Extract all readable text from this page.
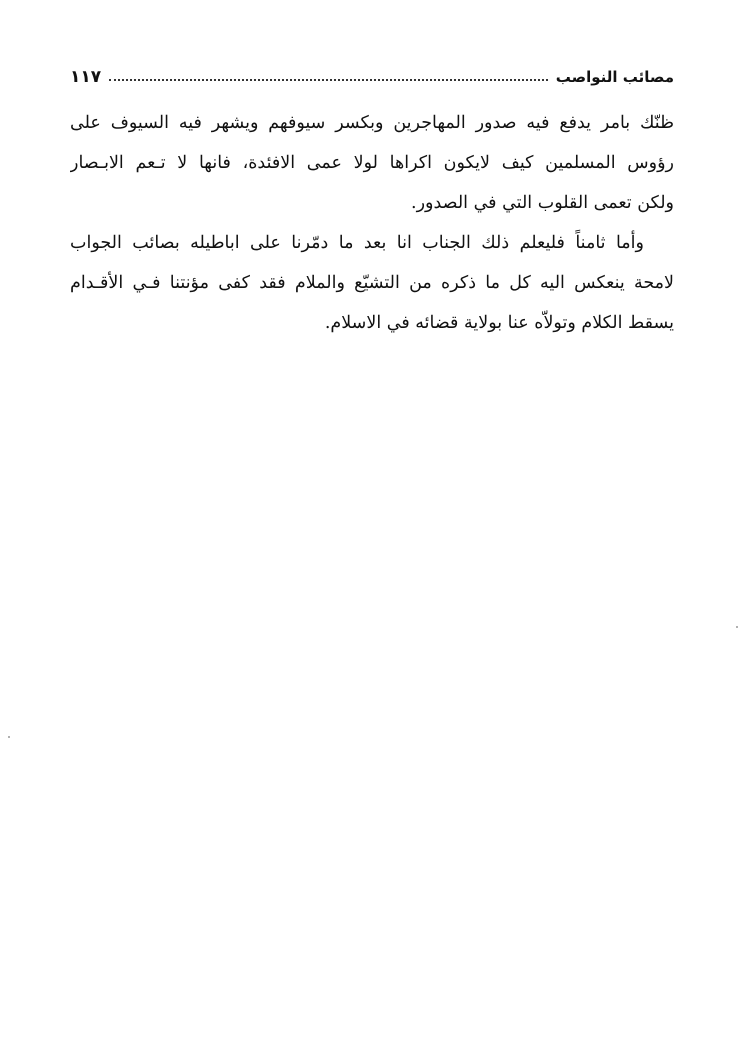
مصائب النواصب
١١٧

ظنّك بامر يدفع فيه صدور المهاجرين وبكسر سيوفهم ويشهر فيه السيوف على
رؤوس المسلمين كيف لايكون اكراها لولا عمى الافئدة، فانها لا تـعم الابـصار
ولكن تعمى القلوب التي في الصدور.

وأما ثامناً فليعلم ذلك الجناب انا بعد ما دمّرنا على اباطيله بصائب الجواب
لامحة ينعكس اليه كل ما ذكره من التشيّع والملام فقد كفى مؤنتنا فـي الأقـدام
يسقط الكلام وتولاّه عنا بولاية قضائه في الاسلام.
